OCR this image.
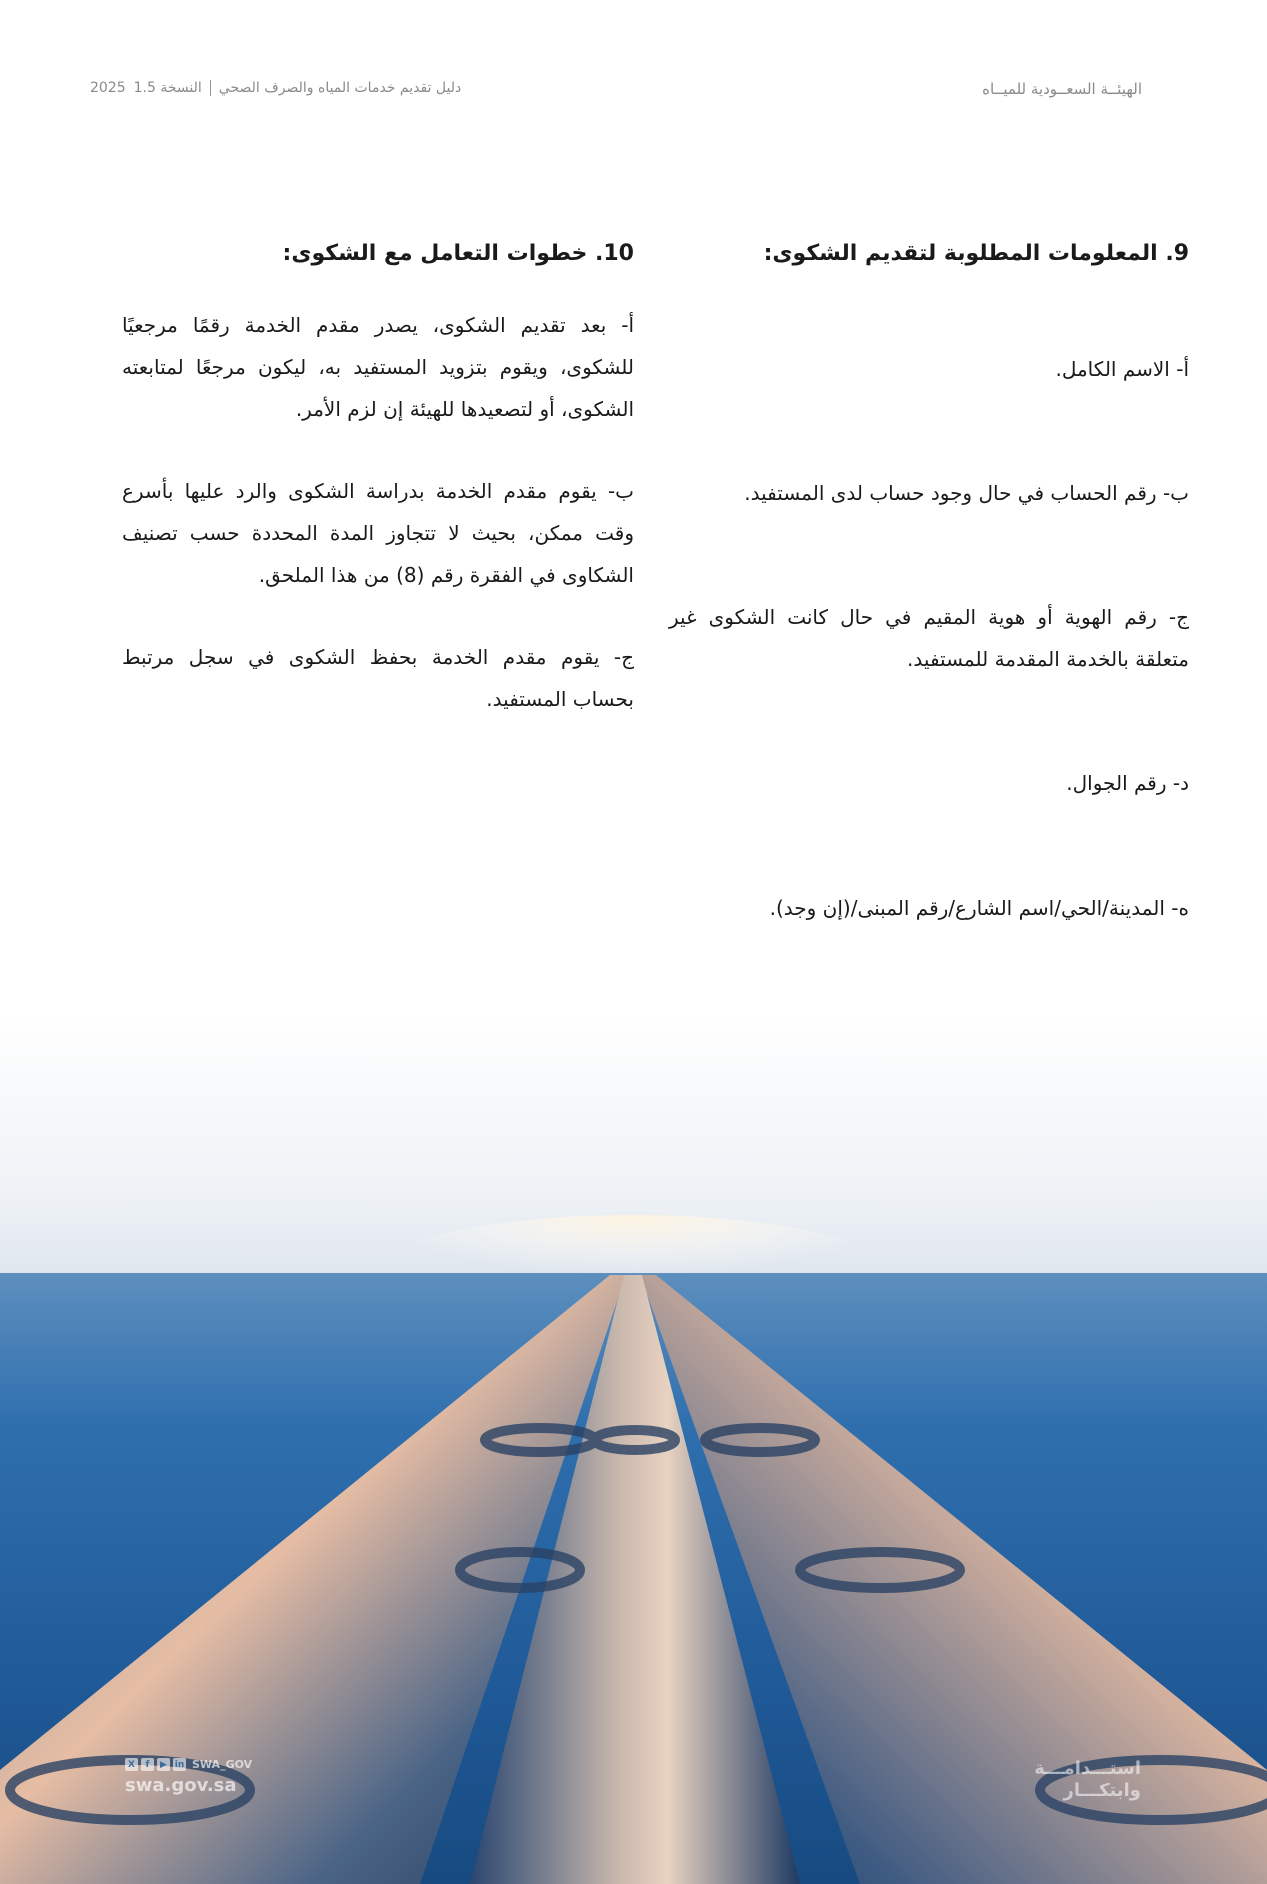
الهيئــة السعــودية للميــاه
دليل تقديم خدمات المياه والصرف الصحي
النسخة 1.5
2025
9. المعلومات المطلوبة لتقديم الشكوى:

أ- الاسم الكامل.

ب- رقم الحساب في حال وجود حساب لدى المستفيد.

ج- رقم الهوية أو هوية المقيم في حال كانت الشكوى غير متعلقة بالخدمة المقدمة للمستفيد.

د- رقم الجوال.

ه- المدينة/الحي/اسم الشارع/رقم المبنى/(إن وجد).

10. خطوات التعامل مع الشكوى:

أ- بعد تقديم الشكوى، يصدر مقدم الخدمة رقمًا مرجعيًا للشكوى، ويقوم بتزويد المستفيد به، ليكون مرجعًا لمتابعته الشكوى، أو لتصعيدها للهيئة إن لزم الأمر.

ب- يقوم مقدم الخدمة بدراسة الشكوى والرد عليها بأسرع وقت ممكن، بحيث لا تتجاوز المدة المحددة حسب تصنيف الشكاوى في الفقرة رقم (8) من هذا الملحق.

ج- يقوم مقدم الخدمة بحفظ الشكوى في سجل مرتبط بحساب المستفيد.

استـــدامـــة
وابتكـــار
X	f	▶ in SWA_GOV
swa.gov.sa
